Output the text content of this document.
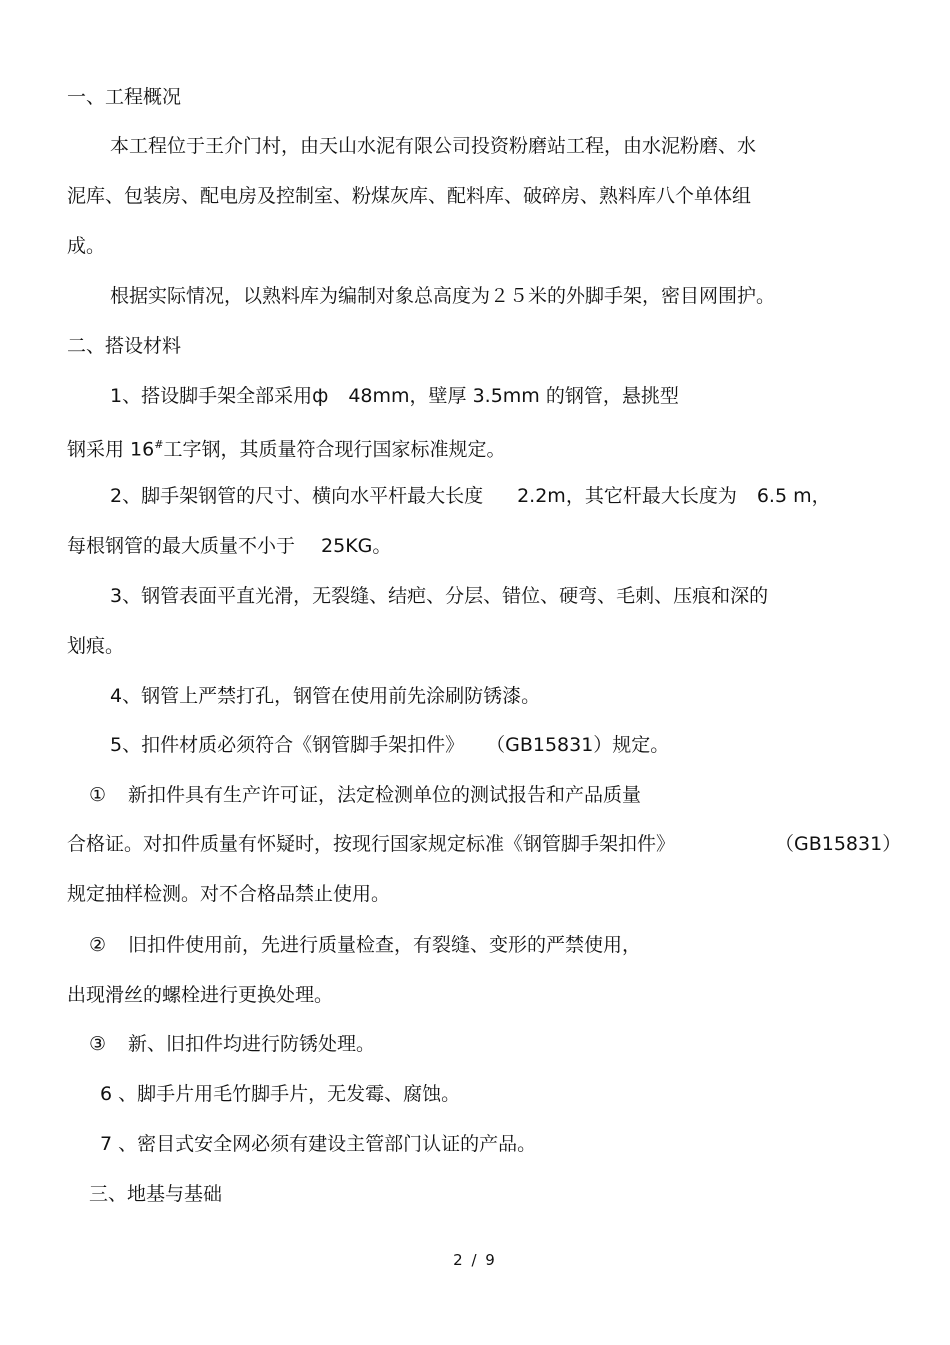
一、工程概况
本工程位于王介门村，由天山水泥有限公司投资粉磨站工程，由水泥粉磨、水
泥库、包装房、配电房及控制室、粉煤灰库、配料库、破碎房、熟料库八个单体组
成。
根据实际情况，以熟料库为编制对象总高度为２５米的外脚手架，密目网围护。
二、搭设材料
1、搭设脚手架全部采用ф 48mm，壁厚 3.5mm 的钢管，悬挑型
钢采用 16#工字钢，其质量符合现行国家标准规定。
2、脚手架钢管的尺寸、横向水平杆最大长度 2.2m，其它杆最大长度为 6.5 m，
每根钢管的最大质量不小于 25KG。
3、钢管表面平直光滑，无裂缝、结疤、分层、错位、硬弯、毛刺、压痕和深的
划痕。
4、钢管上严禁打孔，钢管在使用前先涂刷防锈漆。
5、扣件材质必须符合《钢管脚手架扣件》 （GB15831）规定。
① 新扣件具有生产许可证，法定检测单位的测试报告和产品质量
合格证。对扣件质量有怀疑时，按现行国家规定标准《钢管脚手架扣件》	（GB15831）
规定抽样检测。对不合格品禁止使用。
② 旧扣件使用前，先进行质量检查，有裂缝、变形的严禁使用，
出现滑丝的螺栓进行更换处理。
③ 新、旧扣件均进行防锈处理。
6 、脚手片用毛竹脚手片，无发霉、腐蚀。
7 、密目式安全网必须有建设主管部门认证的产品。
三、地基与基础
2 / 9
